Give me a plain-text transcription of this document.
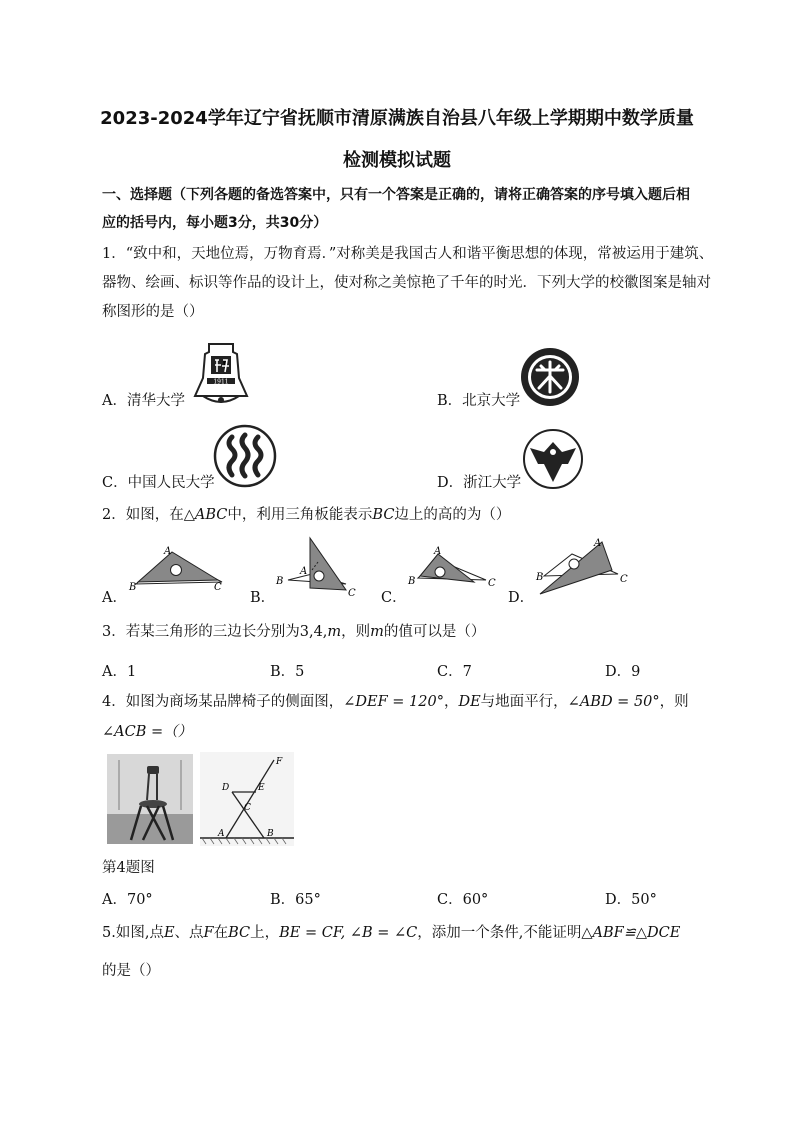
2023-2024学年辽宁省抚顺市清原满族自治县八年级上学期期中数学质量
检测模拟试题
一、选择题（下列各题的备选答案中，只有一个答案是正确的，请将正确答案的序号填入题后相
应的括号内，每小题3分，共30分）
1．“致中和，天地位焉，万物育焉．”对称美是我国古人和谐平衡思想的体现，常被运用于建筑、
器物、绘画、标识等作品的设计上，使对称之美惊艳了千年的时光．下列大学的校徽图案是轴对
称图形的是（）
A．清华大学
1911
B．北京大学
C．中国人民大学	D．浙江大学
2．如图，在△ABC中，利用三角板能表示BC边上的高的为（）
A．
A
B	C
B．
A
B
C C．
A
B	C
D．
A
B	C
3．若某三角形的三边长分别为3,4,m，则m的值可以是（）
A．1	B．5	C．7	D．9
4．如图为商场某品牌椅子的侧面图，∠DEF = 120°，DE与地面平行，∠ABD = 50°，则
∠ACB =（）
D	E
F
C
A	B
第4题图
A．70°	B．65°	C．60°	D．50°
5.如图,点E、点F在BC上，BE = CF, ∠B = ∠C，添加一个条件,不能证明△ABF≌△DCE
的是（）
